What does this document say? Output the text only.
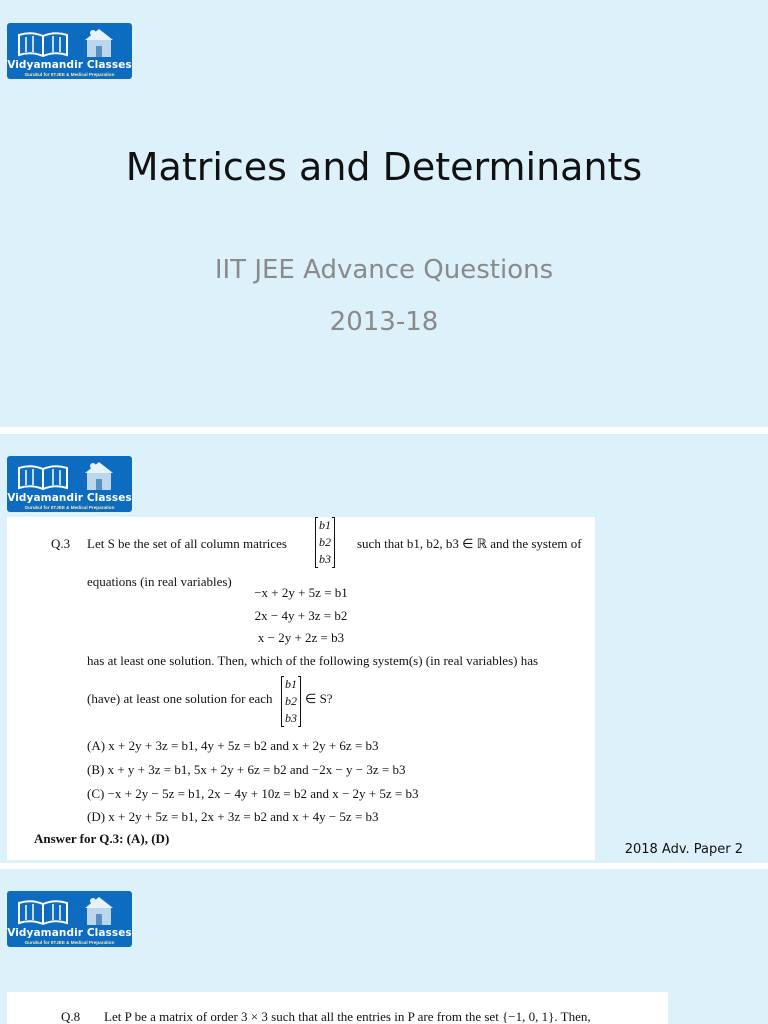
Vidyamandir Classes
Gurukul for IITJEE & Medical Preparation
Matrices and Determinants
IIT JEE Advance Questions
2013-18
Vidyamandir Classes
Gurukul for IITJEE & Medical Preparation
Q.3 Let S be the set of all column matrices
b1
b2
b3
such that b1, b2, b3 ∈ ℝ and the system of
equations (in real variables)
−x + 2y + 5z = b1
2x − 4y + 3z = b2
x − 2y + 2z = b3
has at least one solution. Then, which of the following system(s) (in real variables) has
(have) at least one solution for each
b1
b2
b3
∈ S?
(A) x + 2y + 3z = b1, 4y + 5z = b2 and x + 2y + 6z = b3
(B) x + y + 3z = b1, 5x + 2y + 6z = b2 and −2x − y − 3z = b3
(C) −x + 2y − 5z = b1, 2x − 4y + 10z = b2 and x − 2y + 5z = b3
(D) x + 2y + 5z = b1, 2x + 3z = b2 and x + 4y − 5z = b3
Answer for Q.3: (A), (D)
2018 Adv. Paper 2
Vidyamandir Classes
Gurukul for IITJEE & Medical Preparation
Q.8 Let P be a matrix of order 3 × 3 such that all the entries in P are from the set {−1, 0, 1}. Then,
